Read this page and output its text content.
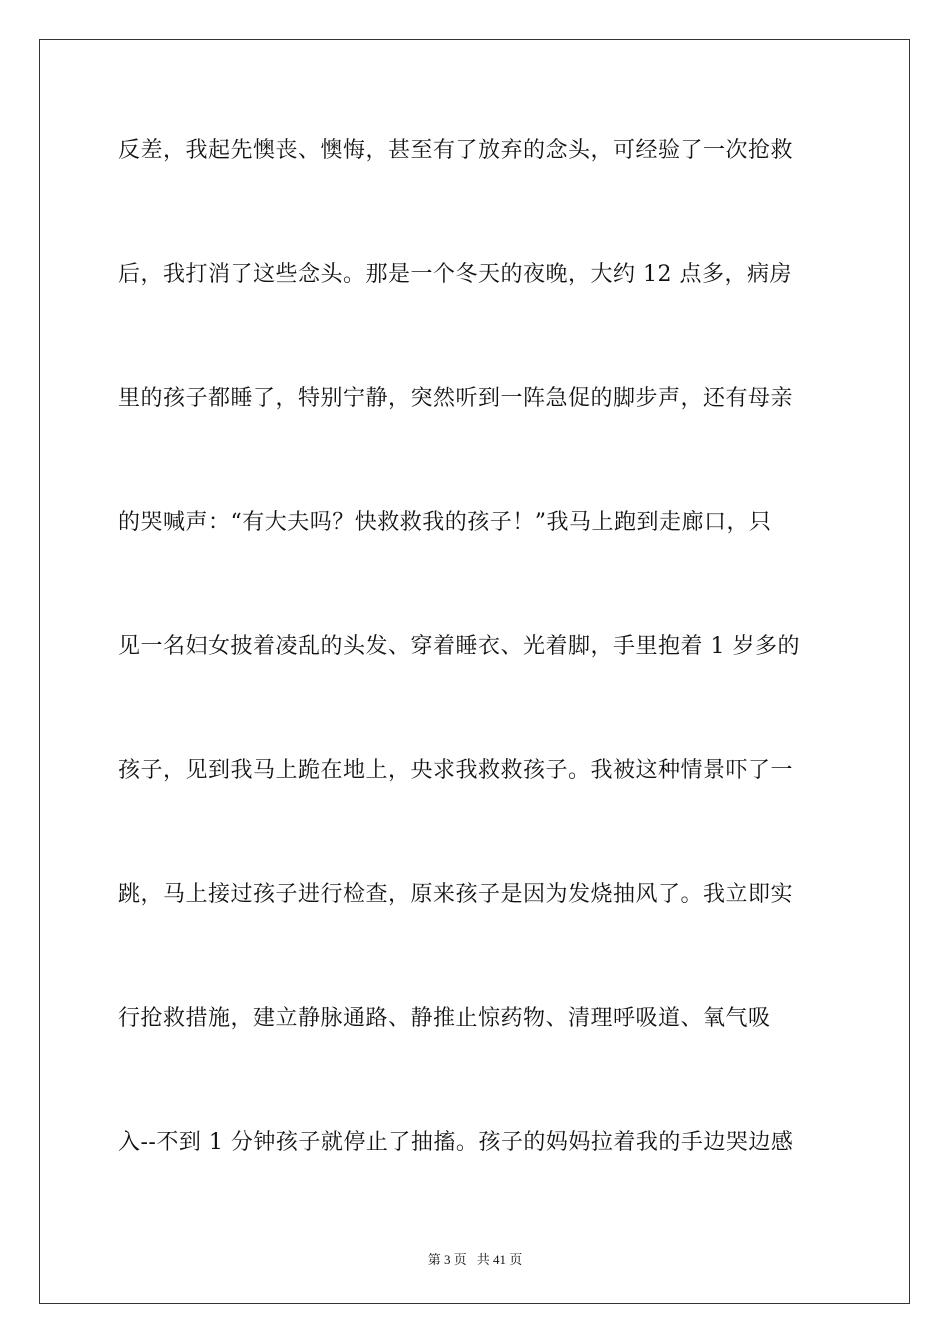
反差，我起先懊丧、懊悔，甚至有了放弃的念头，可经验了一次抢救
后，我打消了这些念头。那是一个冬天的夜晚，大约 12 点多，病房
里的孩子都睡了，特别宁静，突然听到一阵急促的脚步声，还有母亲
的哭喊声：“有大夫吗？快救救我的孩子！”我马上跑到走廊口，只
见一名妇女披着凌乱的头发、穿着睡衣、光着脚，手里抱着 1 岁多的
孩子，见到我马上跪在地上，央求我救救孩子。我被这种情景吓了一
跳，马上接过孩子进行检查，原来孩子是因为发烧抽风了。我立即实
行抢救措施，建立静脉通路、静推止惊药物、清理呼吸道、氧气吸
入--不到 1 分钟孩子就停止了抽搐。孩子的妈妈拉着我的手边哭边感
第 3 页 共 41 页
